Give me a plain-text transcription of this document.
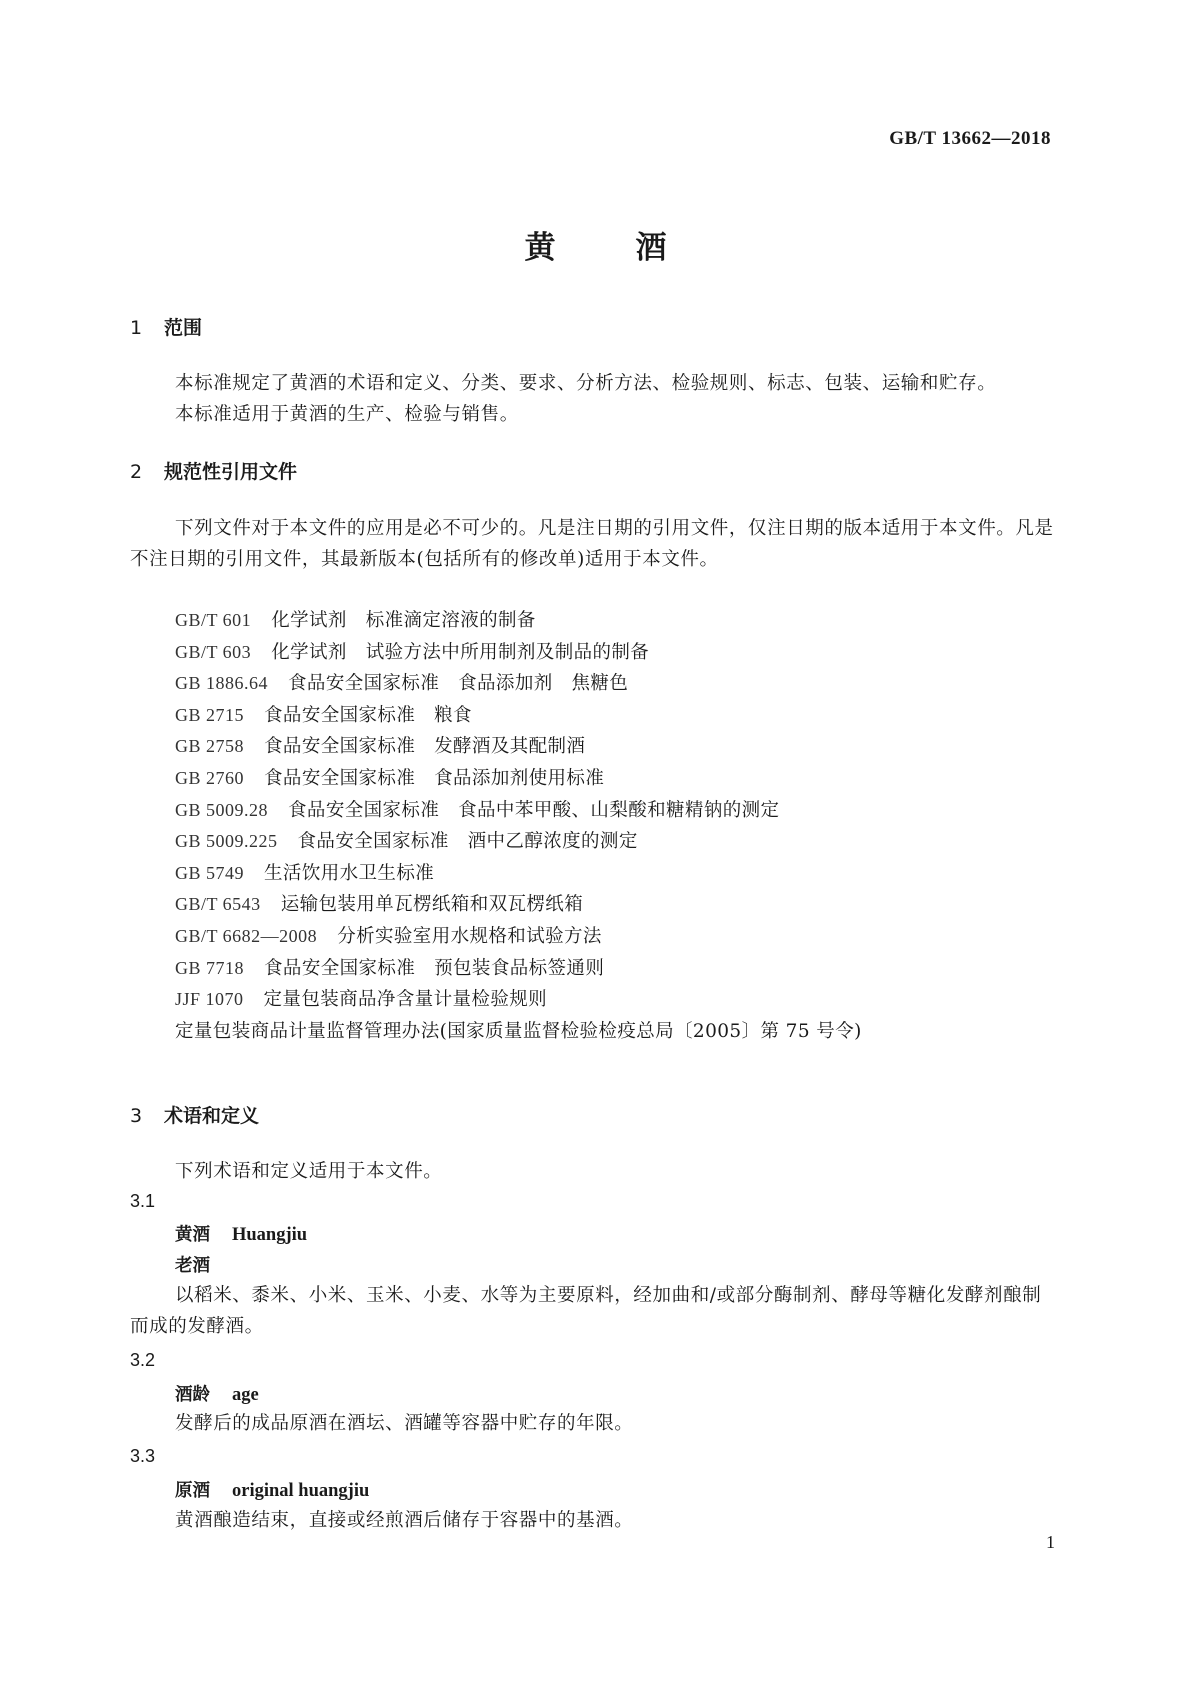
GB/T 13662—2018
黄	酒
1 范围
本标准规定了黄酒的术语和定义、分类、要求、分析方法、检验规则、标志、包装、运输和贮存。
本标准适用于黄酒的生产、检验与销售。
2 规范性引用文件
下列文件对于本文件的应用是必不可少的。凡是注日期的引用文件，仅注日期的版本适用于本文件。凡是不注日期的引用文件，其最新版本(包括所有的修改单)适用于本文件。
GB/T 601 化学试剂　标准滴定溶液的制备
GB/T 603 化学试剂　试验方法中所用制剂及制品的制备
GB 1886.64 食品安全国家标准　食品添加剂　焦糖色
GB 2715 食品安全国家标准　粮食
GB 2758 食品安全国家标准　发酵酒及其配制酒
GB 2760 食品安全国家标准　食品添加剂使用标准
GB 5009.28 食品安全国家标准　食品中苯甲酸、山梨酸和糖精钠的测定
GB 5009.225 食品安全国家标准　酒中乙醇浓度的测定
GB 5749 生活饮用水卫生标准
GB/T 6543 运输包装用单瓦楞纸箱和双瓦楞纸箱
GB/T 6682—2008 分析实验室用水规格和试验方法
GB 7718 食品安全国家标准　预包装食品标签通则
JJF 1070 定量包装商品净含量计量检验规则
定量包装商品计量监督管理办法(国家质量监督检验检疫总局〔2005〕第 75 号令)
3 术语和定义
下列术语和定义适用于本文件。
3.1
黄酒 Huangjiu
老酒
以稻米、黍米、小米、玉米、小麦、水等为主要原料，经加曲和/或部分酶制剂、酵母等糖化发酵剂酿制而成的发酵酒。
3.2
酒龄 age
发酵后的成品原酒在酒坛、酒罐等容器中贮存的年限。
3.3
原酒 original huangjiu
黄酒酿造结束，直接或经煎酒后储存于容器中的基酒。
1
